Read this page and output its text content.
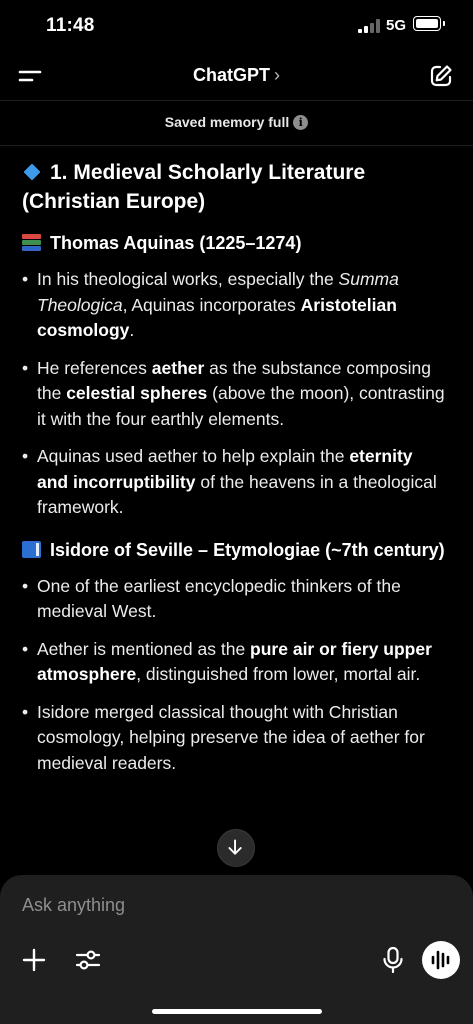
11:48	5G
ChatGPT ›
Saved memory full i
1. Medieval Scholarly Literature (Christian Europe)
Thomas Aquinas (1225–1274)
• In his theological works, especially the Summa Theologica, Aquinas incorporates Aristotelian cosmology.
• He references aether as the substance composing the celestial spheres (above the moon), contrasting it with the four earthly elements.
• Aquinas used aether to help explain the eternity and incorruptibility of the heavens in a theological framework.
Isidore of Seville – Etymologiae (~7th century)
• One of the earliest encyclopedic thinkers of the medieval West.
• Aether is mentioned as the pure air or fiery upper atmosphere, distinguished from lower, mortal air.
• Isidore merged classical thought with Christian cosmology, helping preserve the idea of aether for medieval readers.
Ask anything
